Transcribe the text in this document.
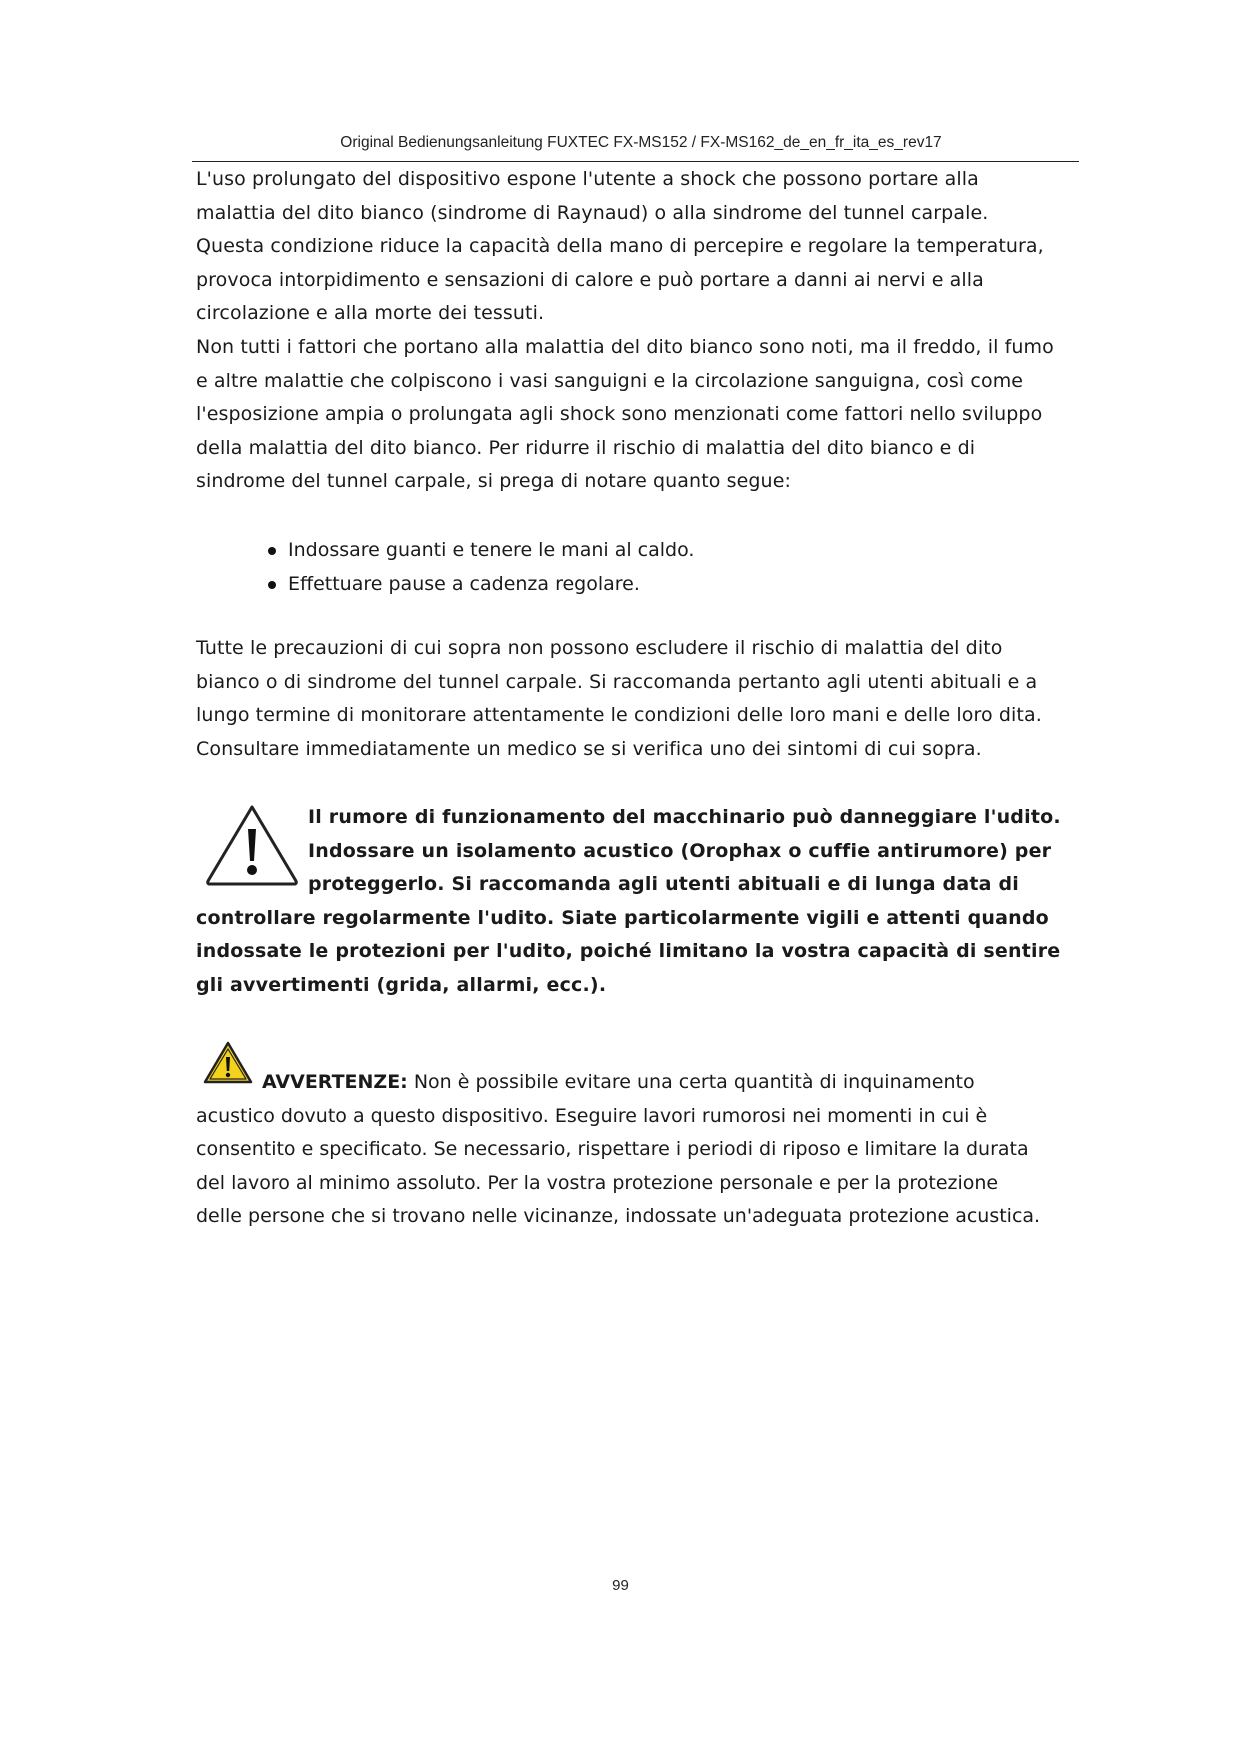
Original Bedienungsanleitung FUXTEC FX-MS152 / FX-MS162_de_en_fr_ita_es_rev17

L'uso prolungato del dispositivo espone l'utente a shock che possono portare alla

malattia del dito bianco (sindrome di Raynaud) o alla sindrome del tunnel carpale.

Questa condizione riduce la capacità della mano di percepire e regolare la temperatura,

provoca intorpidimento e sensazioni di calore e può portare a danni ai nervi e alla

circolazione e alla morte dei tessuti.

Non tutti i fattori che portano alla malattia del dito bianco sono noti, ma il freddo, il fumo

e altre malattie che colpiscono i vasi sanguigni e la circolazione sanguigna, così come

l'esposizione ampia o prolungata agli shock sono menzionati come fattori nello sviluppo

della malattia del dito bianco. Per ridurre il rischio di malattia del dito bianco e di

sindrome del tunnel carpale, si prega di notare quanto segue:

Indossare guanti e tenere le mani al caldo.
Effettuare pause a cadenza regolare.

Tutte le precauzioni di cui sopra non possono escludere il rischio di malattia del dito

bianco o di sindrome del tunnel carpale. Si raccomanda pertanto agli utenti abituali e a

lungo termine di monitorare attentamente le condizioni delle loro mani e delle loro dita.

Consultare immediatamente un medico se si verifica uno dei sintomi di cui sopra.

Il rumore di funzionamento del macchinario può danneggiare l'udito.
Indossare un isolamento acustico (Orophax o cuffie antirumore) per
proteggerlo. Si raccomanda agli utenti abituali e di lunga data di
controllare regolarmente l'udito. Siate particolarmente vigili e attenti quando
indossate le protezioni per l'udito, poiché limitano la vostra capacità di sentire
gli avvertimenti (grida, allarmi, ecc.).
AVVERTENZE: Non è possibile evitare una certa quantità di inquinamento
acustico dovuto a questo dispositivo. Eseguire lavori rumorosi nei momenti in cui è
consentito e specificato. Se necessario, rispettare i periodi di riposo e limitare la durata
del lavoro al minimo assoluto. Per la vostra protezione personale e per la protezione
delle persone che si trovano nelle vicinanze, indossate un'adeguata protezione acustica.
99
